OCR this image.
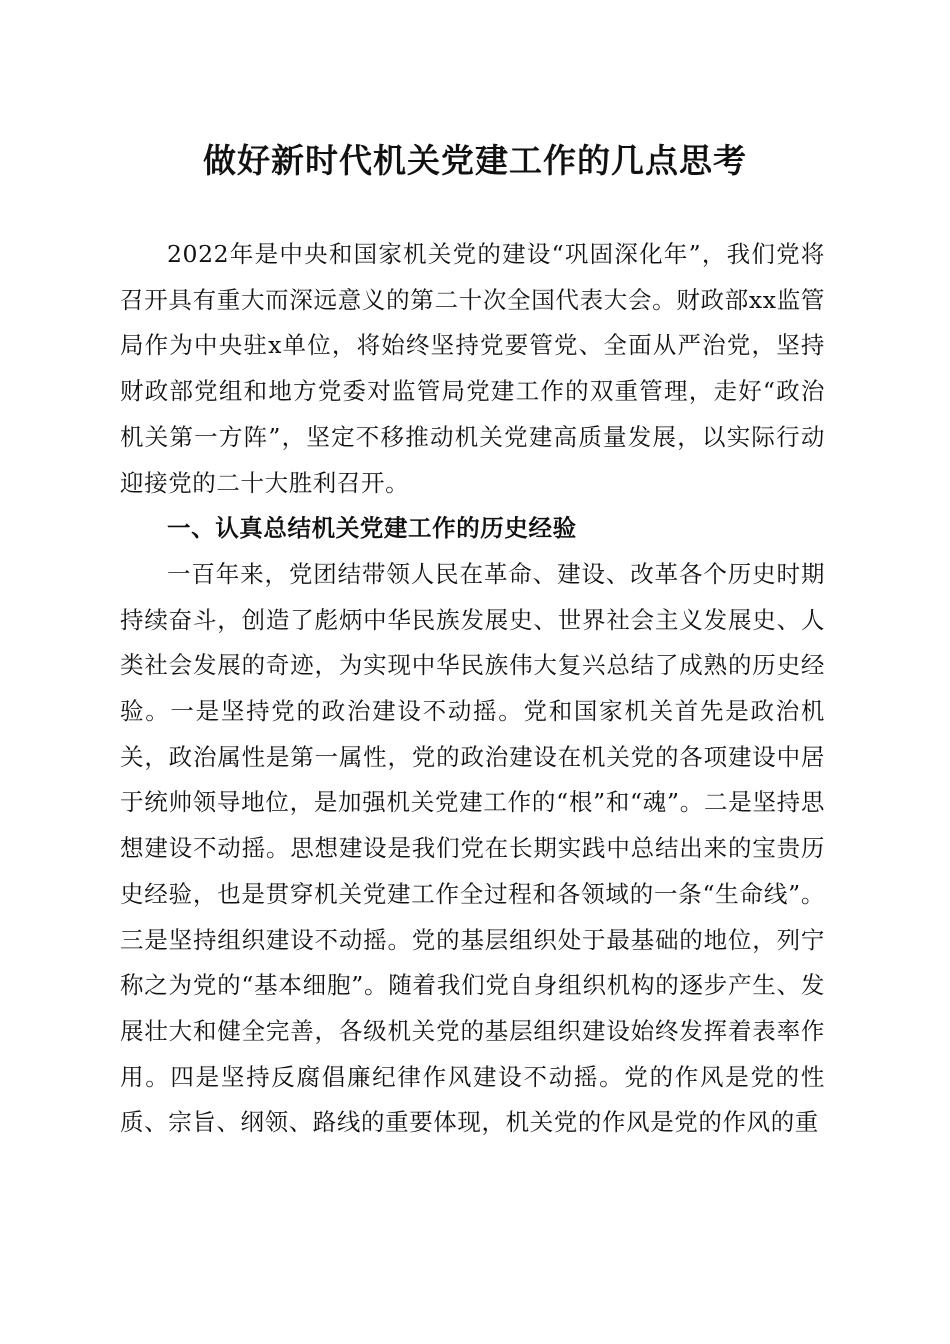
做好新时代机关党建工作的几点思考

2022年是中央和国家机关党的建设“巩固深化年”，我们党将召开具有重大而深远意义的第二十次全国代表大会。财政部xx监管局作为中央驻x单位，将始终坚持党要管党、全面从严治党，坚持财政部党组和地方党委对监管局党建工作的双重管理，走好“政治机关第一方阵”，坚定不移推动机关党建高质量发展，以实际行动迎接党的二十大胜利召开。

一、认真总结机关党建工作的历史经验

一百年来，党团结带领人民在革命、建设、改革各个历史时期持续奋斗，创造了彪炳中华民族发展史、世界社会主义发展史、人类社会发展的奇迹，为实现中华民族伟大复兴总结了成熟的历史经验。一是坚持党的政治建设不动摇。党和国家机关首先是政治机关，政治属性是第一属性，党的政治建设在机关党的各项建设中居于统帅领导地位，是加强机关党建工作的“根”和“魂”。二是坚持思想建设不动摇。思想建设是我们党在长期实践中总结出来的宝贵历史经验，也是贯穿机关党建工作全过程和各领域的一条“生命线”。三是坚持组织建设不动摇。党的基层组织处于最基础的地位，列宁称之为党的“基本细胞”。随着我们党自身组织机构的逐步产生、发展壮大和健全完善，各级机关党的基层组织建设始终发挥着表率作用。四是坚持反腐倡廉纪律作风建设不动摇。党的作风是党的性质、宗旨、纲领、路线的重要体现，机关党的作风是党的作风的重
